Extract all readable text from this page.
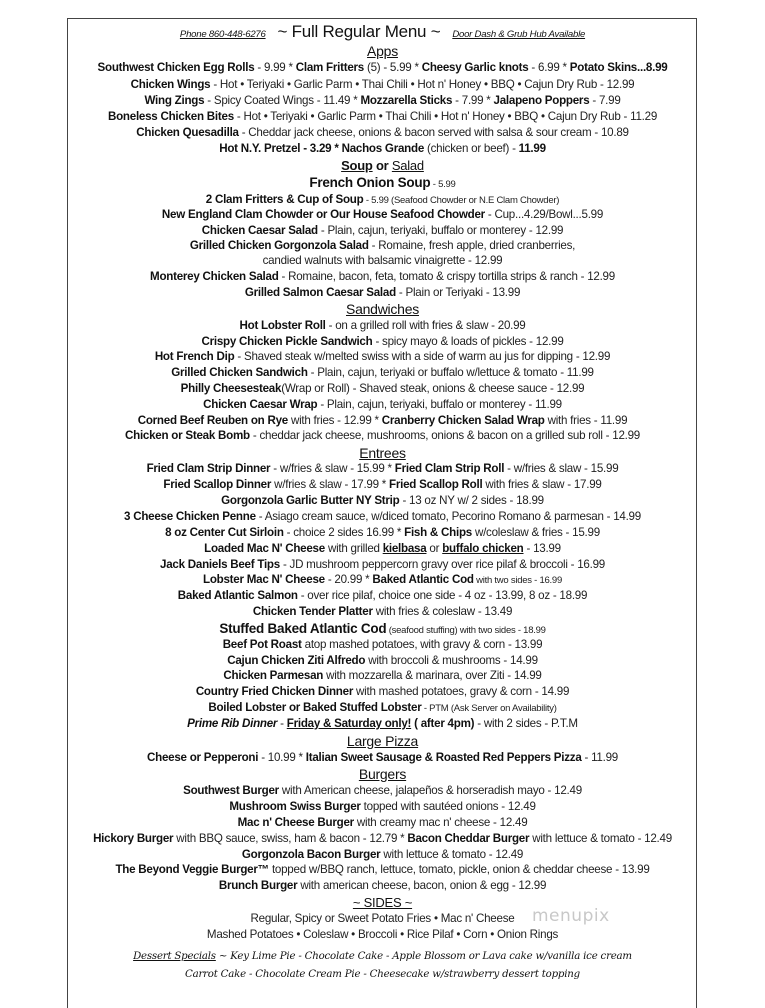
Phone 860-448-6276 ~ Full Regular Menu ~ Door Dash & Grub Hub Available
Apps
Southwest Chicken Egg Rolls - 9.99 * Clam Fritters (5) - 5.99 * Cheesy Garlic knots - 6.99 * Potato Skins...8.99
Chicken Wings - Hot • Teriyaki • Garlic Parm • Thai Chili • Hot n' Honey • BBQ • Cajun Dry Rub - 12.99
Wing Zings - Spicy Coated Wings - 11.49 * Mozzarella Sticks - 7.99 * Jalapeno Poppers - 7.99
Boneless Chicken Bites - Hot • Teriyaki • Garlic Parm • Thai Chili • Hot n' Honey • BBQ • Cajun Dry Rub - 11.29
Chicken Quesadilla - Cheddar jack cheese, onions & bacon served with salsa & sour cream - 10.89
Hot N.Y. Pretzel - 3.29 * Nachos Grande (chicken or beef) - 11.99
Soup or Salad
French Onion Soup - 5.99
2 Clam Fritters & Cup of Soup - 5.99 (Seafood Chowder or N.E Clam Chowder)
New England Clam Chowder or Our House Seafood Chowder - Cup...4.29/Bowl...5.99
Chicken Caesar Salad - Plain, cajun, teriyaki, buffalo or monterey - 12.99
Grilled Chicken Gorgonzola Salad - Romaine, fresh apple, dried cranberries,
candied walnuts with balsamic vinaigrette - 12.99
Monterey Chicken Salad - Romaine, bacon, feta, tomato & crispy tortilla strips & ranch - 12.99
Grilled Salmon Caesar Salad - Plain or Teriyaki - 13.99
Sandwiches
Hot Lobster Roll - on a grilled roll with fries & slaw - 20.99
Crispy Chicken Pickle Sandwich - spicy mayo & loads of pickles - 12.99
Hot French Dip - Shaved steak w/melted swiss with a side of warm au jus for dipping - 12.99
Grilled Chicken Sandwich - Plain, cajun, teriyaki or buffalo w/lettuce & tomato - 11.99
Philly Cheesesteak(Wrap or Roll) - Shaved steak, onions & cheese sauce - 12.99
Chicken Caesar Wrap - Plain, cajun, teriyaki, buffalo or monterey - 11.99
Corned Beef Reuben on Rye with fries - 12.99 * Cranberry Chicken Salad Wrap with fries - 11.99
Chicken or Steak Bomb - cheddar jack cheese, mushrooms, onions & bacon on a grilled sub roll - 12.99
Entrees
Fried Clam Strip Dinner - w/fries & slaw - 15.99 * Fried Clam Strip Roll - w/fries & slaw - 15.99
Fried Scallop Dinner w/fries & slaw - 17.99 * Fried Scallop Roll with fries & slaw - 17.99
Gorgonzola Garlic Butter NY Strip - 13 oz NY w/ 2 sides - 18.99
3 Cheese Chicken Penne - Asiago cream sauce, w/diced tomato, Pecorino Romano & parmesan - 14.99
8 oz Center Cut Sirloin - choice 2 sides 16.99 * Fish & Chips w/coleslaw & fries - 15.99
Loaded Mac N' Cheese with grilled kielbasa or buffalo chicken - 13.99
Jack Daniels Beef Tips - JD mushroom peppercorn gravy over rice pilaf & broccoli - 16.99
Lobster Mac N' Cheese - 20.99 * Baked Atlantic Cod with two sides - 16.99
Baked Atlantic Salmon - over rice pilaf, choice one side - 4 oz - 13.99, 8 oz - 18.99
Chicken Tender Platter with fries & coleslaw - 13.49
Stuffed Baked Atlantic Cod (seafood stuffing) with two sides - 18.99
Beef Pot Roast atop mashed potatoes, with gravy & corn - 13.99
Cajun Chicken Ziti Alfredo with broccoli & mushrooms - 14.99
Chicken Parmesan with mozzarella & marinara, over Ziti - 14.99
Country Fried Chicken Dinner with mashed potatoes, gravy & corn - 14.99
Boiled Lobster or Baked Stuffed Lobster - PTM (Ask Server on Availability)
Prime Rib Dinner - Friday & Saturday only! ( after 4pm) - with 2 sides - P.T.M
Large Pizza
Cheese or Pepperoni - 10.99 * Italian Sweet Sausage & Roasted Red Peppers Pizza - 11.99
Burgers
Southwest Burger with American cheese, jalapeños & horseradish mayo - 12.49
Mushroom Swiss Burger topped with sautéed onions - 12.49
Mac n' Cheese Burger with creamy mac n' cheese - 12.49
Hickory Burger with BBQ sauce, swiss, ham & bacon - 12.79 * Bacon Cheddar Burger with lettuce & tomato - 12.49
Gorgonzola Bacon Burger with lettuce & tomato - 12.49
The Beyond Veggie Burger™ topped w/BBQ ranch, lettuce, tomato, pickle, onion & cheddar cheese - 13.99
Brunch Burger with american cheese, bacon, onion & egg - 12.99
~ SIDES ~
Regular, Spicy or Sweet Potato Fries • Mac n' Cheese
Mashed Potatoes • Coleslaw • Broccoli • Rice Pilaf • Corn • Onion Rings
Dessert Specials ~ Key Lime Pie - Chocolate Cake - Apple Blossom or Lava cake w/vanilla ice cream
Carrot Cake - Chocolate Cream Pie - Cheesecake w/strawberry dessert topping
menupix
